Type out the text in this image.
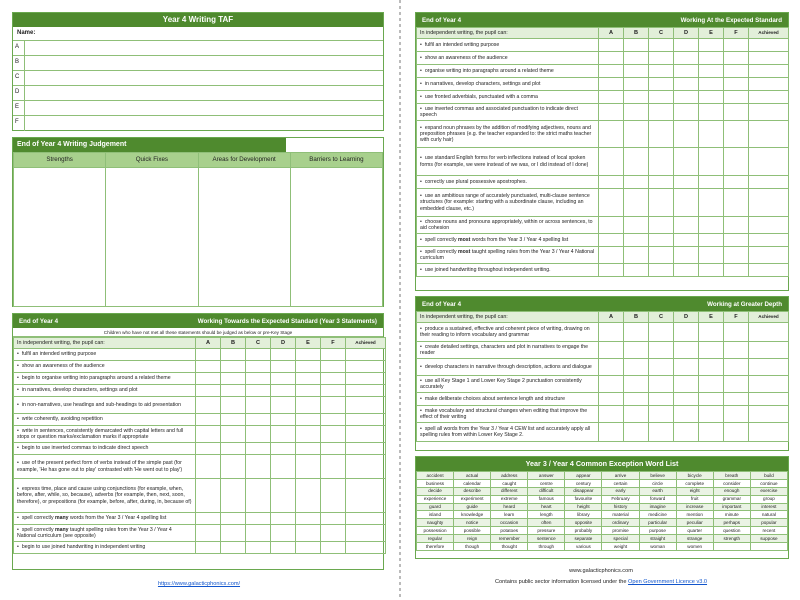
Year 4 Writing TAF
Name:
A
B
C
D
E
F
End of Year 4 Writing Judgement
Strengths	Quick Fixes	Areas for Development	Barriers to Learning

End of Year 4	Working Towards the Expected Standard (Year 3 Statements)
Children who have not met all these statements should be judged as below or pre-Key Stage
In independent writing, the pupil can:	A	B	C	D	E	F	Achieved
• fulfil an intended writing purpose							
• show an awareness of the audience							
• begin to organise writing into paragraphs around a related theme							
• in narratives, develop characters, settings and plot							
• in non-narratives, use headings and sub-headings to aid presentation							
• write coherently, avoiding repetition							
• write in sentences, consistently demarcated with capital letters and full stops or question marks/exclamation marks if appropriate							
• begin to use inverted commas to indicate direct speech							
• use of the present perfect form of verbs instead of the simple past (for example, 'He has gone out to play' contrasted with 'He went out to play')							
• express time, place and cause using conjunctions (for example, when, before, after, while, so, because), adverbs (for example, then, next, soon, therefore), or prepositions (for example, before, after, during, in, because of)							
• spell correctly many words from the Year 3 / Year 4 spelling list							
• spell correctly many taught spelling rules from the Year 3 / Year 4 National curriculum (see opposite)							
• begin to use joined handwriting in independent writing							
https://www.galacticphonics.com/
End of Year 4	Working At the Expected Standard
In independent writing, the pupil can:	A	B	C	D	E	F	Achieved
• fulfil an intended writing purpose							
• show an awareness of the audience							
• organise writing into paragraphs around a related theme							
• in narratives, develop characters, settings and plot							
• use fronted adverbials, punctuated with a comma							
• use inverted commas and associated punctuation to indicate direct speech							
• expand noun phrases by the addition of modifying adjectives, nouns and preposition phrases (e.g. the teacher expanded to: the strict maths teacher with curly hair)							
• use standard English forms for verb inflections instead of local spoken forms (for example, we were instead of we was, or I did instead of I done)							
• correctly use plural possessive apostrophes.							
• use an ambitious range of accurately punctuated, multi-clause sentence structures (for example: starting with a subordinate clause, including an embedded clause, etc.)							
• choose nouns and pronouns appropriately, within or across sentences, to aid cohesion							
• spell correctly most words from the Year 3 / Year 4 spelling list							
• spell correctly most taught spelling rules from the Year 3 / Year 4 National curriculum							
• use joined handwriting throughout independent writing.							
End of Year 4	Working at Greater Depth
In independent writing, the pupil can:	A	B	C	D	E	F	Achieved
• produce a sustained, effective and coherent piece of writing, drawing on their reading to inform vocabulary and grammar							
• create detailed settings, characters and plot in narratives to engage the reader							
• develop characters in narrative through description, actions and dialogue							
• use all Key Stage 1 and Lower Key Stage 2 punctuation consistently accurately							
• make deliberate choices about sentence length and structure							
• make vocabulary and structural changes when editing that improve the effect of their writing							
• spell all words from the Year 3 / Year 4 CEW list and accurately apply all spelling rules from within Lower Key Stage 2.							
Year 3 / Year 4 Common Exception Word List
accident	actual	address	answer	appear	arrive	believe	bicycle	breath	build
business	calendar	caught	centre	century	certain	circle	complete	consider	continue
decide	describe	different	difficult	disappear	early	earth	eight	enough	exercise
experience	experiment	extreme	famous	favourite	February	forward	fruit	grammar	group
guard	guide	heard	heart	height	history	imagine	increase	important	interest
island	knowledge	learn	length	library	material	medicine	mention	minute	natural
naughty	notice	occasion	often	opposite	ordinary	particular	peculiar	perhaps	popular
possession	possible	potatoes	pressure	probably	promise	purpose	quarter	question	recent
regular	reign	remember	sentence	separate	special	straight	strange	strength	suppose
therefore	though	thought	through	various	weight	woman	women		
www.galacticphonics.com
Contains public sector information licensed under the Open Government Licence v3.0
